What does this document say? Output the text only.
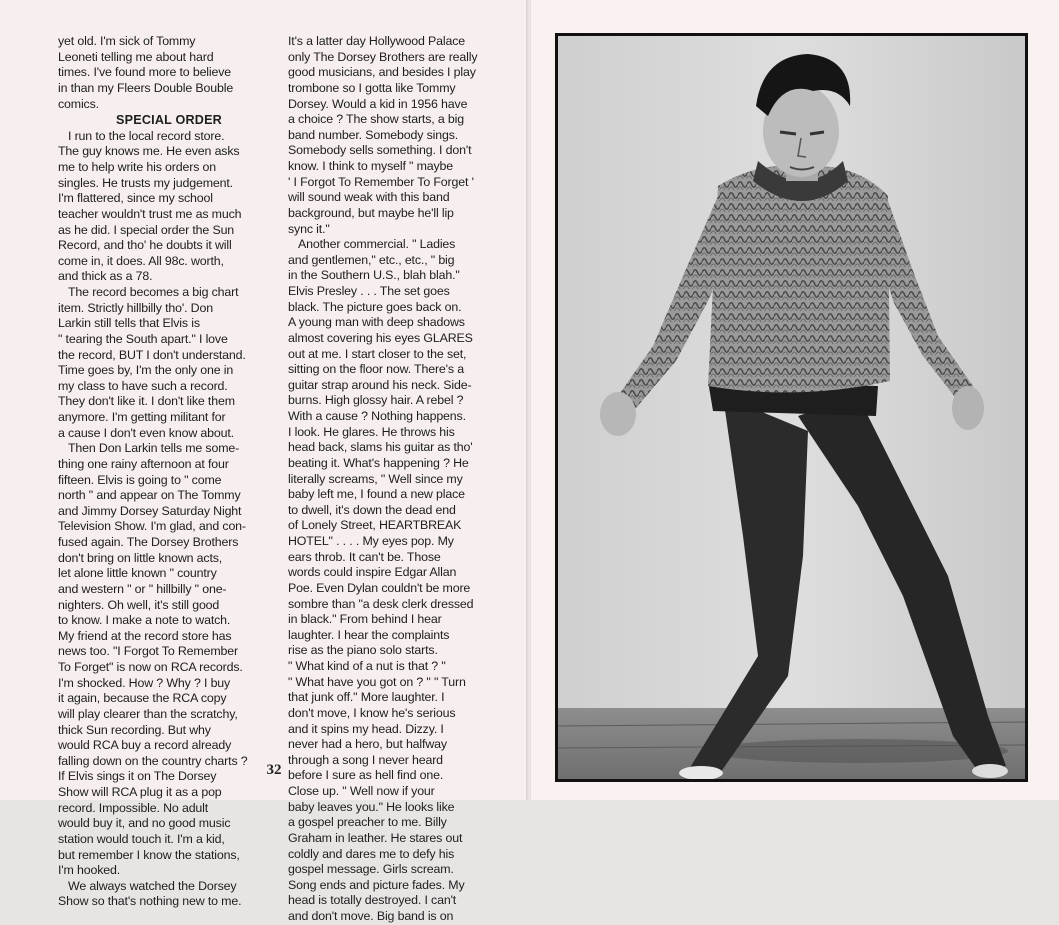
yet old. I'm sick of Tommy
Leoneti telling me about hard
times. I've found more to believe
in than my Fleers Double Bouble
comics.
SPECIAL ORDER
I run to the local record store.
The guy knows me. He even asks
me to help write his orders on
singles. He trusts my judgement.
I'm flattered, since my school
teacher wouldn't trust me as much
as he did. I special order the Sun
Record, and tho' he doubts it will
come in, it does. All 98c. worth,
and thick as a 78.
The record becomes a big chart
item. Strictly hillbilly tho'. Don
Larkin still tells that Elvis is
" tearing the South apart." I love
the record, BUT I don't understand.
Time goes by, I'm the only one in
my class to have such a record.
They don't like it. I don't like them
anymore. I'm getting militant for
a cause I don't even know about.
Then Don Larkin tells me some-
thing one rainy afternoon at four
fifteen. Elvis is going to " come
north " and appear on The Tommy
and Jimmy Dorsey Saturday Night
Television Show. I'm glad, and con-
fused again. The Dorsey Brothers
don't bring on little known acts,
let alone little known " country
and western " or " hillbilly " one-
nighters. Oh well, it's still good
to know. I make a note to watch.
My friend at the record store has
news too. "I Forgot To Remember
To Forget" is now on RCA records.
I'm shocked. How ? Why ? I buy
it again, because the RCA copy
will play clearer than the scratchy,
thick Sun recording. But why
would RCA buy a record already
falling down on the country charts ?
If Elvis sings it on The Dorsey
Show will RCA plug it as a pop
record. Impossible. No adult
would buy it, and no good music
station would touch it. I'm a kid,
but remember I know the stations,
I'm hooked.
We always watched the Dorsey
Show so that's nothing new to me.
It's a latter day Hollywood Palace
only The Dorsey Brothers are really
good musicians, and besides I play
trombone so I gotta like Tommy
Dorsey. Would a kid in 1956 have
a choice ? The show starts, a big
band number. Somebody sings.
Somebody sells something. I don't
know. I think to myself " maybe
' I Forgot To Remember To Forget '
will sound weak with this band
background, but maybe he'll lip
sync it."
Another commercial. " Ladies
and gentlemen," etc., etc., " big
in the Southern U.S., blah blah."
Elvis Presley . . . The set goes
black. The picture goes back on.
A young man with deep shadows
almost covering his eyes GLARES
out at me. I start closer to the set,
sitting on the floor now. There's a
guitar strap around his neck. Side-
burns. High glossy hair. A rebel ?
With a cause ? Nothing happens.
I look. He glares. He throws his
head back, slams his guitar as tho'
beating it. What's happening ? He
literally screams, " Well since my
baby left me, I found a new place
to dwell, it's down the dead end
of Lonely Street, HEARTBREAK
HOTEL" . . . . My eyes pop. My
ears throb. It can't be. Those
words could inspire Edgar Allan
Poe. Even Dylan couldn't be more
sombre than "a desk clerk dressed
in black." From behind I hear
laughter. I hear the complaints
rise as the piano solo starts.
" What kind of a nut is that ? "
" What have you got on ? " " Turn
that junk off." More laughter. I
don't move, I know he's serious
and it spins my head. Dizzy. I
never had a hero, but halfway
through a song I never heard
before I sure as hell find one.
Close up. " Well now if your
baby leaves you." He looks like
a gospel preacher to me. Billy
Graham in leather. He stares out
coldly and dares me to defy his
gospel message. Girls scream.
Song ends and picture fades. My
head is totally destroyed. I can't
and don't move. Big band is on
32
